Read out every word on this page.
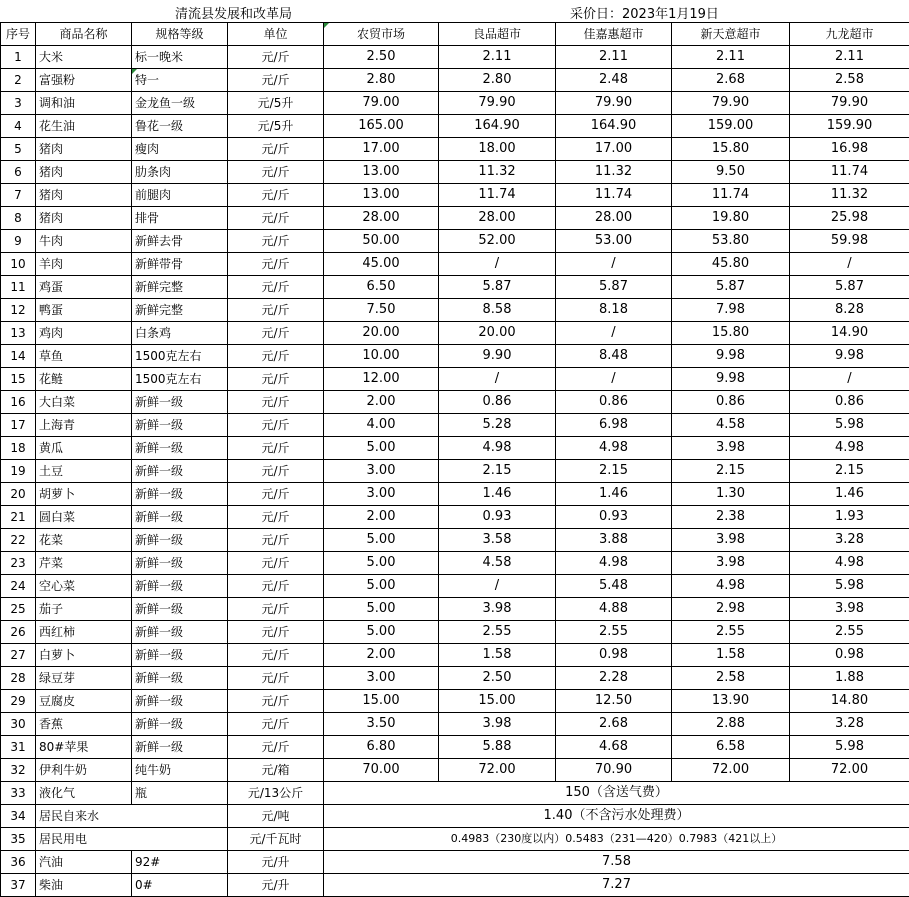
清流县发展和改革局	采价日：2023年1月19日
序号	商品名称	规格等级	单位	农贸市场	良品超市	佳嘉惠超市	新天意超市	九龙超市
1	大米	标一晚米	元/斤	2.50	2.11	2.11	2.11	2.11
2	富强粉	特一	元/斤	2.80	2.80	2.48	2.68	2.58
3	调和油	金龙鱼一级	元/5升	79.00	79.90	79.90	79.90	79.90
4	花生油	鲁花一级	元/5升	165.00	164.90	164.90	159.00	159.90
5	猪肉	瘦肉	元/斤	17.00	18.00	17.00	15.80	16.98
6	猪肉	肋条肉	元/斤	13.00	11.32	11.32	9.50	11.74
7	猪肉	前腿肉	元/斤	13.00	11.74	11.74	11.74	11.32
8	猪肉	排骨	元/斤	28.00	28.00	28.00	19.80	25.98
9	牛肉	新鲜去骨	元/斤	50.00	52.00	53.00	53.80	59.98
10	羊肉	新鲜带骨	元/斤	45.00	/	/	45.80	/
11	鸡蛋	新鲜完整	元/斤	6.50	5.87	5.87	5.87	5.87
12	鸭蛋	新鲜完整	元/斤	7.50	8.58	8.18	7.98	8.28
13	鸡肉	白条鸡	元/斤	20.00	20.00	/	15.80	14.90
14	草鱼	1500克左右	元/斤	10.00	9.90	8.48	9.98	9.98
15	花鲢	1500克左右	元/斤	12.00	/	/	9.98	/
16	大白菜	新鲜一级	元/斤	2.00	0.86	0.86	0.86	0.86
17	上海青	新鲜一级	元/斤	4.00	5.28	6.98	4.58	5.98
18	黄瓜	新鲜一级	元/斤	5.00	4.98	4.98	3.98	4.98
19	土豆	新鲜一级	元/斤	3.00	2.15	2.15	2.15	2.15
20	胡萝卜	新鲜一级	元/斤	3.00	1.46	1.46	1.30	1.46
21	圆白菜	新鲜一级	元/斤	2.00	0.93	0.93	2.38	1.93
22	花菜	新鲜一级	元/斤	5.00	3.58	3.88	3.98	3.28
23	芹菜	新鲜一级	元/斤	5.00	4.58	4.98	3.98	4.98
24	空心菜	新鲜一级	元/斤	5.00	/	5.48	4.98	5.98
25	茄子	新鲜一级	元/斤	5.00	3.98	4.88	2.98	3.98
26	西红柿	新鲜一级	元/斤	5.00	2.55	2.55	2.55	2.55
27	白萝卜	新鲜一级	元/斤	2.00	1.58	0.98	1.58	0.98
28	绿豆芽	新鲜一级	元/斤	3.00	2.50	2.28	2.58	1.88
29	豆腐皮	新鲜一级	元/斤	15.00	15.00	12.50	13.90	14.80
30	香蕉	新鲜一级	元/斤	3.50	3.98	2.68	2.88	3.28
31	80#苹果	新鲜一级	元/斤	6.80	5.88	4.68	6.58	5.98
32	伊利牛奶	纯牛奶	元/箱	70.00	72.00	70.90	72.00	72.00
33	液化气	瓶	元/13公斤	150（含送气费）				
34	居民自来水		元/吨	1.40（不含污水处理费）				
35	居民用电		元/千瓦时	0.4983（230度以内）0.5483（231—420）0.7983（421以上）				
36	汽油	92#	元/升	7.58				
37	柴油	0#	元/升	7.27				
